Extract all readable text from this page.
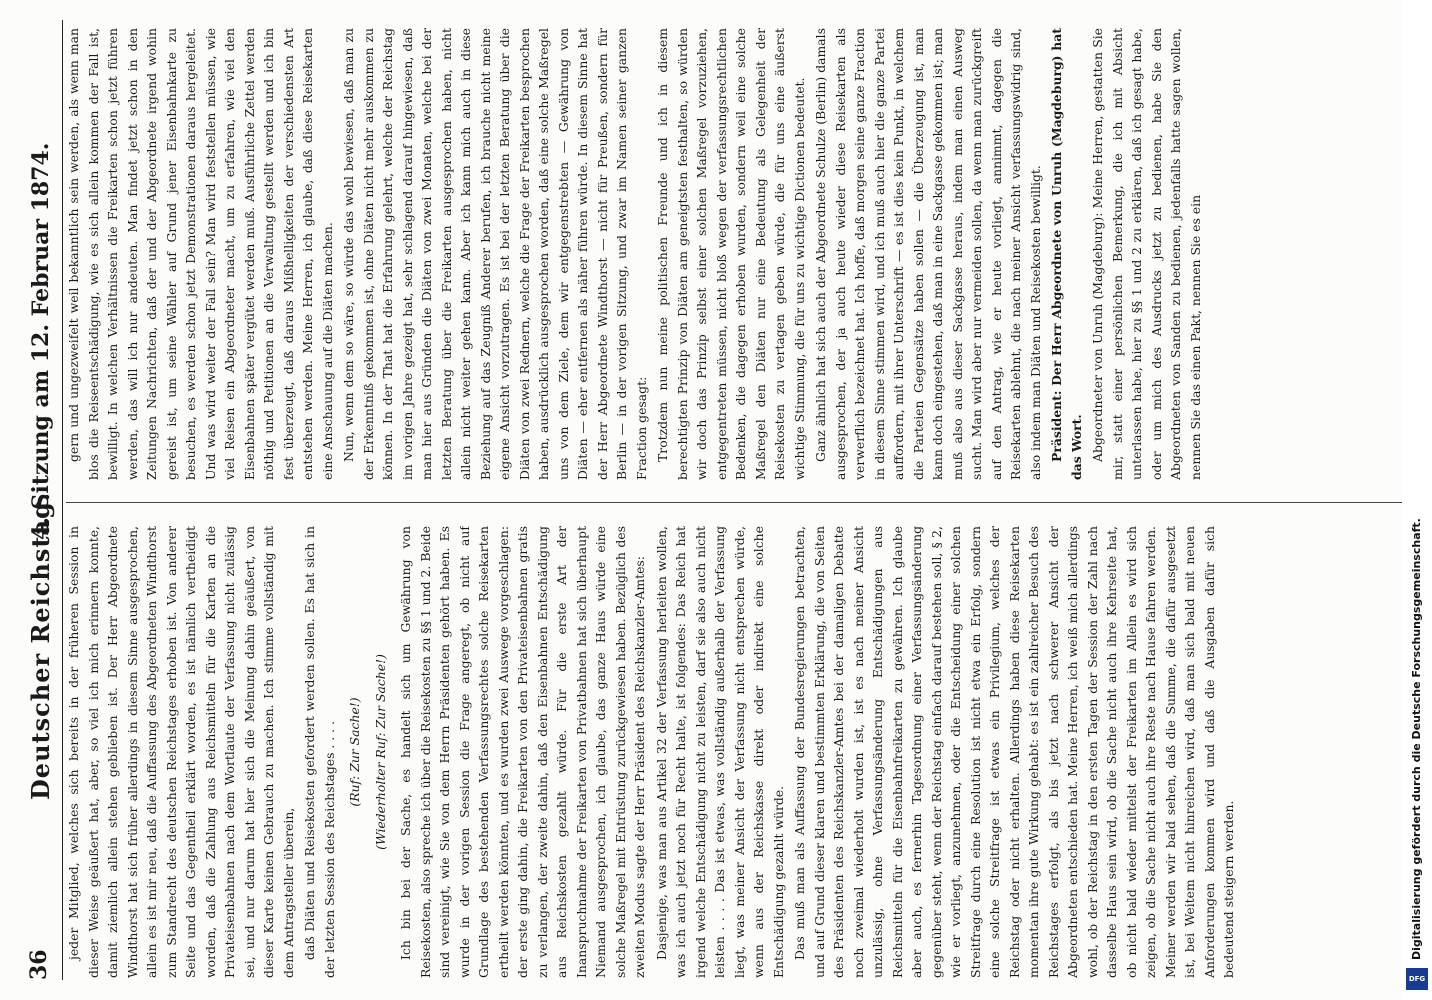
36
Deutscher Reichstag.
4. Sitzung am 12. Februar 1874.

jeder Mitglied, welches sich bereits in der früheren Session in dieser Weise geäußert hat, aber, so viel ich mich erinnern konnte, damit ziemlich allein stehen geblieben ist. Der Herr Abgeordnete Windthorst hat sich früher allerdings in diesem Sinne ausgesprochen, allein es ist mir neu, daß die Auffassung des Abgeordneten Windthorst zum Standrecht des deutschen Reichstages erhoben ist. Von anderer Seite und das Gegentheil erklärt worden, es ist nämlich vertheidigt worden, daß die Zahlung aus Reichsmitteln für die Karten an die Privateisenbahnen nach dem Wortlaute der Verfassung nicht zulässig sei, und nur darum hat hier sich die Meinung dahin geäußert, von dieser Karte keinen Gebrauch zu machen. Ich stimme vollständig mit dem Antragsteller überein, daß Diäten und Reisekosten gefordert werden sollen. Es hat sich in der letzten Session des Reichstages . . . . (Ruf: Zur Sache!) (Wiederholter Ruf: Zur Sache!) Ich bin bei der Sache, es handelt sich um Gewährung von Reisekosten, also spreche ich über die Reisekosten zu §§ 1 und 2. Beide sind vereinigt, wie Sie von dem Herrn Präsidenten gehört haben. Es wurde in der vorigen Session die Frage angeregt, ob nicht auf Grundlage des bestehenden Verfassungsrechtes solche Reisekarten ertheilt werden könnten, und es wurden zwei Auswege vorgeschlagen: der erste ging dahin, die Freikarten von den Privateisenbahnen gratis zu verlangen, der zweite dahin, daß den Eisenbahnen Entschädigung aus Reichskosten gezahlt würde. Für die erste Art der Inanspruchnahme der Freikarten von Privatbahnen hat sich überhaupt Niemand ausgesprochen, ich glaube, das ganze Haus würde eine solche Maßregel mit Entrüstung zurückgewiesen haben. Bezüglich des zweiten Modus sagte der Herr Präsident des Reichskanzler-Amtes: Dasjenige, was man aus Artikel 32 der Verfassung herleiten wollen, was ich auch jetzt noch für Recht halte, ist folgendes: Das Reich hat irgend welche Entschädigung nicht zu leisten, darf sie also auch nicht leisten . . . . Das ist etwas, was vollständig außerhalb der Verfassung liegt, was meiner Ansicht der Verfassung nicht entsprechen würde, wenn aus der Reichskasse direkt oder indirekt eine solche Entschädigung gezahlt würde. Das muß man als Auffassung der Bundesregierungen betrachten, und auf Grund dieser klaren und bestimmten Erklärung, die von Seiten des Präsidenten des Reichskanzler-Amtes bei der damaligen Debatte noch zweimal wiederholt wurden ist, ist es nach meiner Ansicht unzulässig, ohne Verfassungsänderung Entschädigungen aus Reichsmitteln für die Eisenbahnfreikarten zu gewähren. Ich glaube aber auch, es fernerhin Tagesordnung einer Verfassungsänderung gegenüber steht, wenn der Reichstag einfach darauf bestehen soll, § 2, wie er vorliegt, anzunehmen, oder die Entscheidung einer solchen Streitfrage durch eine Resolution ist nicht etwa ein Erfolg, sondern eine solche Streitfrage ist etwas ein Privilegium, welches der Reichstag oder nicht erhalten. Allerdings haben diese Reisekarten momentan ihre gute Wirkung gehabt: es ist ein zahlreicher Besuch des Reichstages erfolgt, als bis jetzt nach schwerer Ansicht der Abgeordneten entschieden hat. Meine Herren, ich weiß mich allerdings wohl, ob der Reichstag in den ersten Tagen der Session der Zahl nach dasselbe Haus sein wird, ob die Sache nicht auch ihre Kehrseite hat, ob nicht bald wieder mittelst der Freikarten im Allein es wird sich zeigen, ob die Sache nicht auch ihre Reste nach Hause fahren werden. Meiner werden wir bald sehen, daß die Summe, die dafür ausgesetzt ist, bei Weitem nicht hinreichen wird, daß man sich bald mit neuen Anforderungen kommen wird und daß die Ausgaben dafür sich bedeutend steigern werden.

gern und ungezweifelt weil bekanntlich sein werden, als wenn man blos die Reiseentschädigung, wie es sich allein kommen der Fall ist, bewilligt. In welchen Verhältnissen die Freikarten schon jetzt führen werden, das will ich nur andeuten. Man findet jetzt schon in den Zeitungen Nachrichten, daß der und der Abgeordnete irgend wohin gereist ist, um seine Wähler auf Grund jener Eisenbahnkarte zu besuchen, es werden schon jetzt Demonstrationen daraus hergeleitet. Und was wird weiter der Fall sein? Man wird feststellen müssen, wie viel Reisen ein Abgeordneter macht, um zu erfahren, wie viel den Eisenbahnen später vergütet werden muß. Ausführliche Zettel werden nöthig und Petitionen an die Verwaltung gestellt werden und ich bin fest überzeugt, daß daraus Mißhelligkeiten der verschiedensten Art entstehen werden. Meine Herren, ich glaube, daß diese Reisekarten eine Anschauung auf die Diäten machen. Nun, wenn dem so wäre, so würde das wohl bewiesen, daß man zu der Erkenntniß gekommen ist, ohne Diäten nicht mehr auskommen zu können. In der That hat die Erfahrung gelehrt, welche der Reichstag im vorigen Jahre gezeigt hat, sehr schlagend darauf hingewiesen, daß man hier aus Gründen die Diäten von zwei Monaten, welche bei der letzten Beratung über die Freikarten ausgesprochen haben, nicht allein nicht weiter gehen kann. Aber ich kann mich auch in diese Beziehung auf das Zeugniß Anderer berufen, ich brauche nicht meine eigene Ansicht vorzutragen. Es ist bei der letzten Beratung über die Diäten von zwei Rednern, welche die Frage der Freikarten besprochen haben, ausdrücklich ausgesprochen worden, daß eine solche Maßregel uns von dem Ziele, dem wir entgegenstrebten — Gewährung von Diäten — eher entfernen als näher führen würde. In diesem Sinne hat der Herr Abgeordnete Windthorst — nicht für Preußen, sondern für Berlin — in der vorigen Sitzung, und zwar im Namen seiner ganzen Fraction gesagt: Trotzdem nun meine politischen Freunde und ich in diesem berechtigten Prinzip von Diäten am geneigtsten festhalten, so würden wir doch das Prinzip selbst einer solchen Maßregel vorzuziehen, entgegentreten müssen, nicht bloß wegen der verfassungsrechtlichen Bedenken, die dagegen erhoben wurden, sondern weil eine solche Maßregel den Diäten nur eine Bedeutung als Gelegenheit der Reisekosten zu vertagen geben würde, die für uns eine äußerst wichtige Stimmung, die für uns zu wichtige Dictionen bedeutet. Ganz ähnlich hat sich auch der Abgeordnete Schulze (Berlin) damals ausgesprochen, der ja auch heute wieder diese Reisekarten als verwerflich bezeichnet hat. Ich hoffe, daß morgen seine ganze Fraction in diesem Sinne stimmen wird, und ich muß auch hier die ganze Partei auffordern, mit ihrer Unterschrift — es ist dies kein Punkt, in welchem die Parteien Gegensätze haben sollen — die Überzeugung ist, man kann doch eingestehen, daß man in eine Sackgasse gekommen ist; man muß also aus dieser Sackgasse heraus, indem man einen Ausweg sucht. Man wird aber nur vermeiden sollen, da wenn man zurückgreift auf den Antrag, wie er heute vorliegt, annimmt, dagegen die Reisekarten ablehnt, die nach meiner Ansicht verfassungswidrig sind, also indem man Diäten und Reisekosten bewilligt. Präsident: Der Herr Abgeordnete von Unruh (Magdeburg) hat das Wort. Abgeordneter von Unruh (Magdeburg): Meine Herren, gestatten Sie mir, statt einer persönlichen Bemerkung, die ich mit Absicht unterlassen habe, hier zu §§ 1 und 2 zu erklären, daß ich gesagt habe, oder um mich des Ausdrucks jetzt zu bedienen, habe Sie den Abgeordneten von Sanden zu bedienen, jedenfalls hatte sagen wollen, nennen Sie das einen Pakt, nennen Sie es ein

Digitalisierung gefördert durch die Deutsche Forschungsgemeinschaft.
DFG
